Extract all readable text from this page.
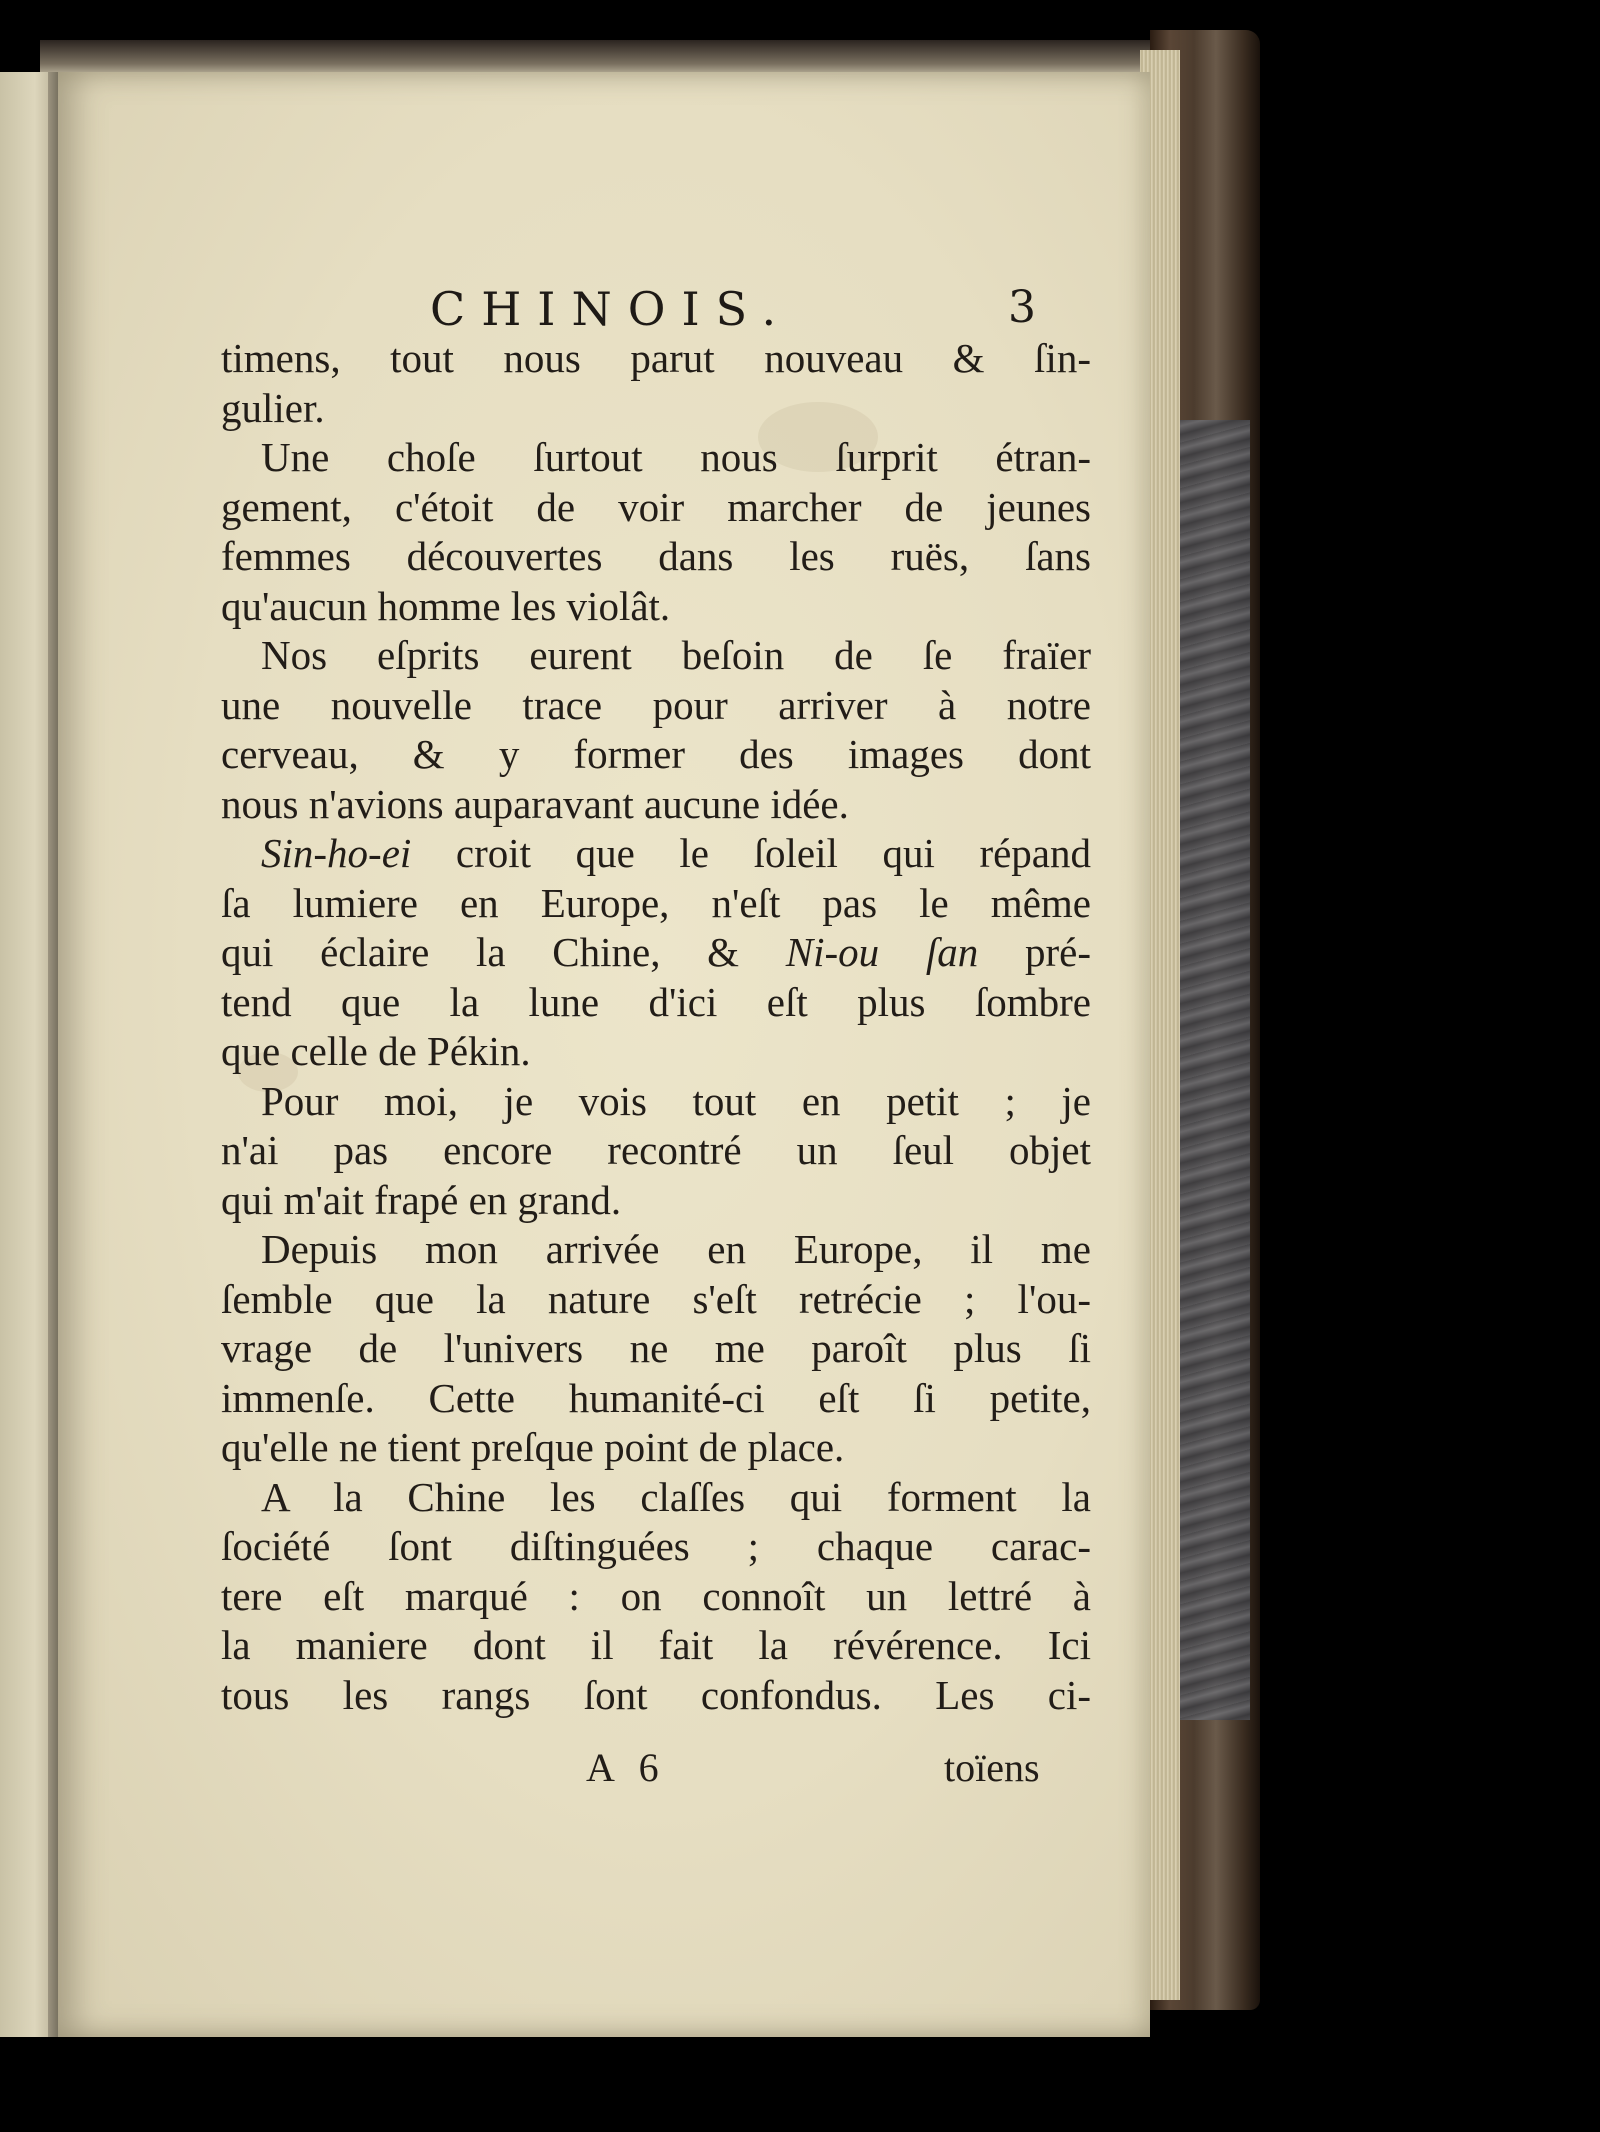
CHINOIS.	3
timens, tout nous parut nouveau & ſin-
gulier.
Une choſe ſurtout nous ſurprit étran-
gement, c'étoit de voir marcher de jeunes
femmes découvertes dans les ruës, ſans
qu'aucun homme les violât.
Nos eſprits eurent beſoin de ſe fraïer
une nouvelle trace pour arriver à notre
cerveau, & y former des images dont
nous n'avions auparavant aucune idée.
Sin-ho-ei croit que le ſoleil qui répand
ſa lumiere en Europe, n'eſt pas le même
qui éclaire la Chine, & Ni-ou ſan pré-
tend que la lune d'ici eſt plus ſombre
que celle de Pékin.
Pour moi, je vois tout en petit ; je
n'ai pas encore recontré un ſeul objet
qui m'ait frapé en grand.
Depuis mon arrivée en Europe, il me
ſemble que la nature s'eſt retrécie ; l'ou-
vrage de l'univers ne me paroît plus ſi
immenſe. Cette humanité-ci eſt ſi petite,
qu'elle ne tient preſque point de place.
A la Chine les claſſes qui forment la
ſociété ſont diſtinguées ; chaque carac-
tere eſt marqué : on connoît un lettré à
la maniere dont il fait la révérence. Ici
tous les rangs ſont confondus. Les ci-
A 6	toïens
